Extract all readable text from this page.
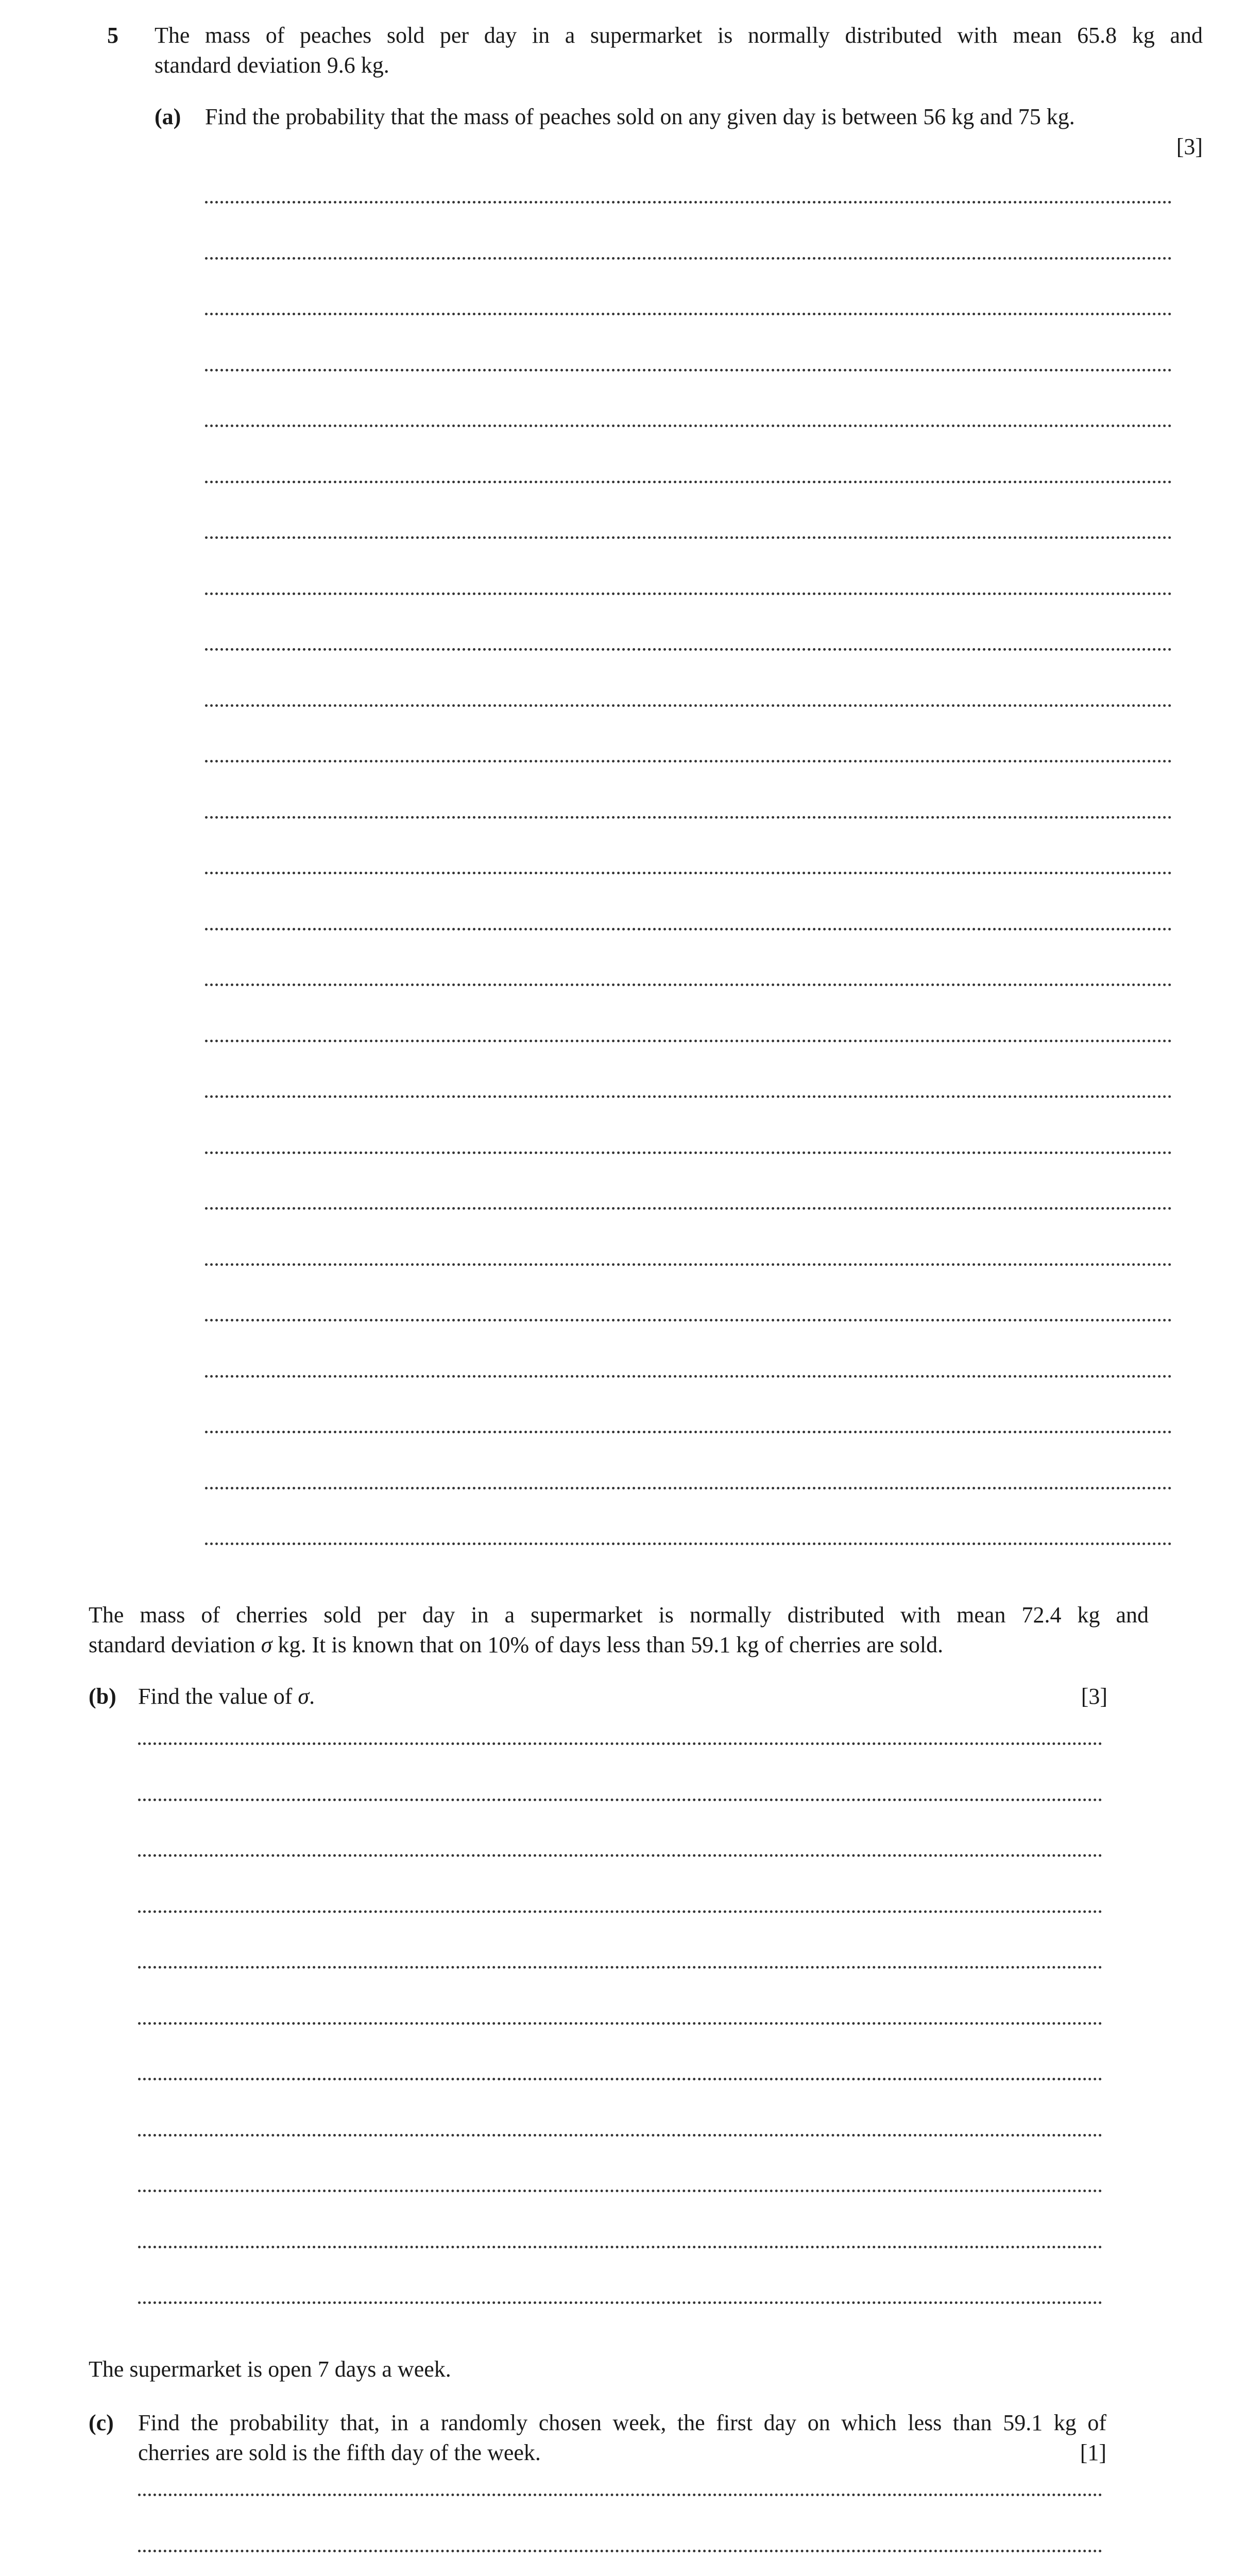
5 The mass of peaches sold per day in a supermarket is normally distributed with mean 65.8 kg and
standard deviation 9.6 kg.
(a) Find the probability that the mass of peaches sold on any given day is between 56 kg and 75 kg.
[3]
The mass of cherries sold per day in a supermarket is normally distributed with mean 72.4 kg and
standard deviation σ kg. It is known that on 10% of days less than 59.1 kg of cherries are sold.
(b) Find the value of σ.	[3]
The supermarket is open 7 days a week.
(c) Find the probability that, in a randomly chosen week, the first day on which less than 59.1 kg of
cherries are sold is the fifth day of the week.	[1]
